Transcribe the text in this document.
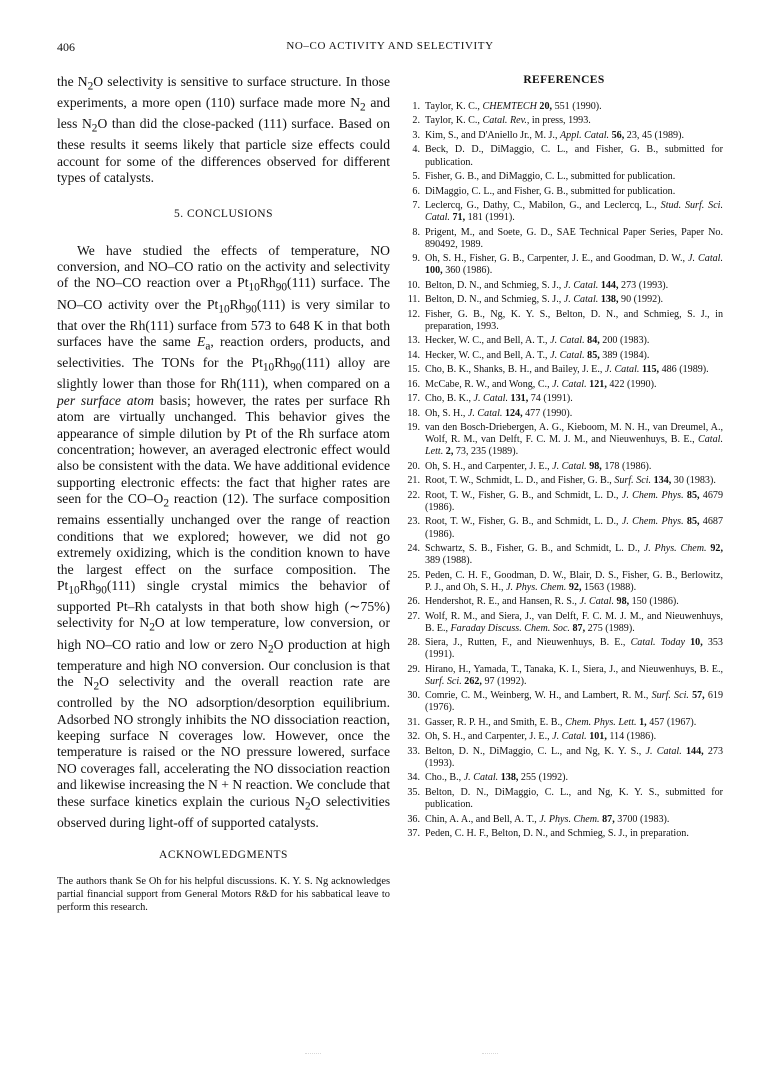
406	NO–CO ACTIVITY AND SELECTIVITY

the $N_2O$ selectivity is sensitive to surface structure. In those experiments, a more open (110) surface made more $N_2$ and less $N_2O$ than did the close-packed (111) surface. Based on these results it seems likely that particle size effects could account for some of the differences observed for different types of catalysts.

5. CONCLUSIONS

We have studied the effects of temperature, NO conversion, and NO–CO ratio on the activity and selectivity of the NO–CO reaction over a $Pt_{10}Rh_{90}(111)$ surface. The NO–CO activity over the $Pt_{10}Rh_{90}(111)$ is very similar to that over the Rh(111) surface from 573 to 648 K in that both surfaces have the same $E_a$, reaction orders, products, and selectivities. The TONs for the $Pt_{10}Rh_{90}(111)$ alloy are slightly lower than those for Rh(111), when compared on a per surface atom basis; however, the rates per surface Rh atom are virtually unchanged. This behavior gives the appearance of simple dilution by Pt of the Rh surface atom concentration; however, an averaged electronic effect would also be consistent with the data. We have additional evidence supporting electronic effects: the fact that higher rates are seen for the $CO-O_2$ reaction (12). The surface composition remains essentially unchanged over the range of reaction conditions that we explored; however, we did not go extremely oxidizing, which is the condition known to have the largest effect on the surface composition. The $Pt_{10}Rh_{90}(111)$ single crystal mimics the behavior of supported Pt–Rh catalysts in that both show high (∼75%) selectivity for $N_2O$ at low temperature, low conversion, or high NO–CO ratio and low or zero $N_2O$ production at high temperature and high NO conversion. Our conclusion is that the $N_2O$ selectivity and the overall reaction rate are controlled by the NO adsorption/desorption equilibrium. Adsorbed NO strongly inhibits the NO dissociation reaction, keeping surface N coverages low. However, once the temperature is raised or the NO pressure lowered, surface NO coverages fall, accelerating the NO dissociation reaction and likewise increasing the N + N reaction. We conclude that these surface kinetics explain the curious $N_2O$ selectivities observed during light-off of supported catalysts.

ACKNOWLEDGMENTS

The authors thank Se Oh for his helpful discussions. K. Y. S. Ng acknowledges partial financial support from General Motors R&D for his sabbatical leave to perform this research.

REFERENCES
1. Taylor, K. C., CHEMTECH 20, 551 (1990).
2. Taylor, K. C., Catal. Rev., in press, 1993.
3. Kim, S., and D'Aniello Jr., M. J., Appl. Catal. 56, 23, 45 (1989).
4. Beck, D. D., DiMaggio, C. L., and Fisher, G. B., submitted for publication.
5. Fisher, G. B., and DiMaggio, C. L., submitted for publication.
6. DiMaggio, C. L., and Fisher, G. B., submitted for publication.
7. Leclercq, G., Dathy, C., Mabilon, G., and Leclercq, L., Stud. Surf. Sci. Catal. 71, 181 (1991).
8. Prigent, M., and Soete, G. D., SAE Technical Paper Series, Paper No. 890492, 1989.
9. Oh, S. H., Fisher, G. B., Carpenter, J. E., and Goodman, D. W., J. Catal. 100, 360 (1986).
10. Belton, D. N., and Schmieg, S. J., J. Catal. 144, 273 (1993).
11. Belton, D. N., and Schmieg, S. J., J. Catal. 138, 90 (1992).
12. Fisher, G. B., Ng, K. Y. S., Belton, D. N., and Schmieg, S. J., in preparation, 1993.
13. Hecker, W. C., and Bell, A. T., J. Catal. 84, 200 (1983).
14. Hecker, W. C., and Bell, A. T., J. Catal. 85, 389 (1984).
15. Cho, B. K., Shanks, B. H., and Bailey, J. E., J. Catal. 115, 486 (1989).
16. McCabe, R. W., and Wong, C., J. Catal. 121, 422 (1990).
17. Cho, B. K., J. Catal. 131, 74 (1991).
18. Oh, S. H., J. Catal. 124, 477 (1990).
19. van den Bosch-Driebergen, A. G., Kieboom, M. N. H., van Dreumel, A., Wolf, R. M., van Delft, F. C. M. J. M., and Nieuwenhuys, B. E., Catal. Lett. 2, 73, 235 (1989).
20. Oh, S. H., and Carpenter, J. E., J. Catal. 98, 178 (1986).
21. Root, T. W., Schmidt, L. D., and Fisher, G. B., Surf. Sci. 134, 30 (1983).
22. Root, T. W., Fisher, G. B., and Schmidt, L. D., J. Chem. Phys. 85, 4679 (1986).
23. Root, T. W., Fisher, G. B., and Schmidt, L. D., J. Chem. Phys. 85, 4687 (1986).
24. Schwartz, S. B., Fisher, G. B., and Schmidt, L. D., J. Phys. Chem. 92, 389 (1988).
25. Peden, C. H. F., Goodman, D. W., Blair, D. S., Fisher, G. B., Berlowitz, P. J., and Oh, S. H., J. Phys. Chem. 92, 1563 (1988).
26. Hendershot, R. E., and Hansen, R. S., J. Catal. 98, 150 (1986).
27. Wolf, R. M., and Siera, J., van Delft, F. C. M. J. M., and Nieuwenhuys, B. E., Faraday Discuss. Chem. Soc. 87, 275 (1989).
28. Siera, J., Rutten, F., and Nieuwenhuys, B. E., Catal. Today 10, 353 (1991).
29. Hirano, H., Yamada, T., Tanaka, K. I., Siera, J., and Nieuwenhuys, B. E., Surf. Sci. 262, 97 (1992).
30. Comrie, C. M., Weinberg, W. H., and Lambert, R. M., Surf. Sci. 57, 619 (1976).
31. Gasser, R. P. H., and Smith, E. B., Chem. Phys. Lett. 1, 457 (1967).
32. Oh, S. H., and Carpenter, J. E., J. Catal. 101, 114 (1986).
33. Belton, D. N., DiMaggio, C. L., and Ng, K. Y. S., J. Catal. 144, 273 (1993).
34. Cho., B., J. Catal. 138, 255 (1992).
35. Belton, D. N., DiMaggio, C. L., and Ng, K. Y. S., submitted for publication.
36. Chin, A. A., and Bell, A. T., J. Phys. Chem. 87, 3700 (1983).
37. Peden, C. H. F., Belton, D. N., and Schmieg, S. J., in preparation.
